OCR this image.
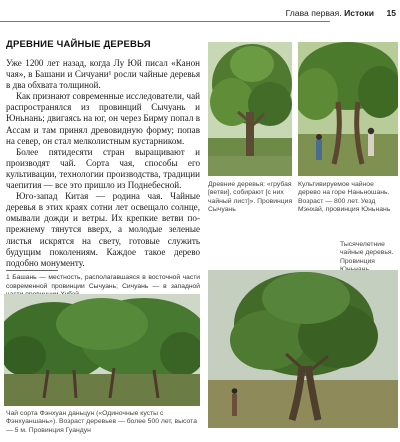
Глава первая. Истоки 15
ДРЕВНИЕ ЧАЙНЫЕ ДЕРЕВЬЯ

Уже 1200 лет назад, когда Лу Юй писал «Канон чая», в Башани и Сичуани¹ росли чайные деревья в два обхвата толщиной.

Как признают современные исследователи, чай распространялся из провинций Сычуань и Юньнань; двигаясь на юг, он через Бирму попал в Ассам и там принял древовидную форму; попав на север, он стал мелколистным кустарником.

Более пятидесяти стран выращивают и производят чай. Сорта чая, способы его культивации, технологии производства, традиции чаепития — все это пришло из Поднебесной.

Юго-запад Китая — родина чая. Чайные деревья в этих краях сотни лет освещало солнце, омывали дожди и ветры. Их крепкие ветви по-прежнему тянутся вверх, а молодые зеленые листья искрятся на свету, готовые служить будущим поколениям. Каждое такое дерево подобно монументу.

1 Башань — местность, располагавшаяся в восточной части современной провинции Сычуань; Сичуань — в западной
Древние деревья: «грубая [ветви], собирают [с них чайный лист]». Провинция Сычуань
Культивируемое чайное дерево на горе Наньношань. Возраст — 800 лет. Уезд Мэнхай, провинция Юньнань
Тысячелетние чайные деревья. Провинция
Чай сорта Фэнхуан даньцун («Одиночные кусты с Фэнхуаншань»). Возраст деревьев — более 500 лет, высота — 5 м. Провинция Гуандун
